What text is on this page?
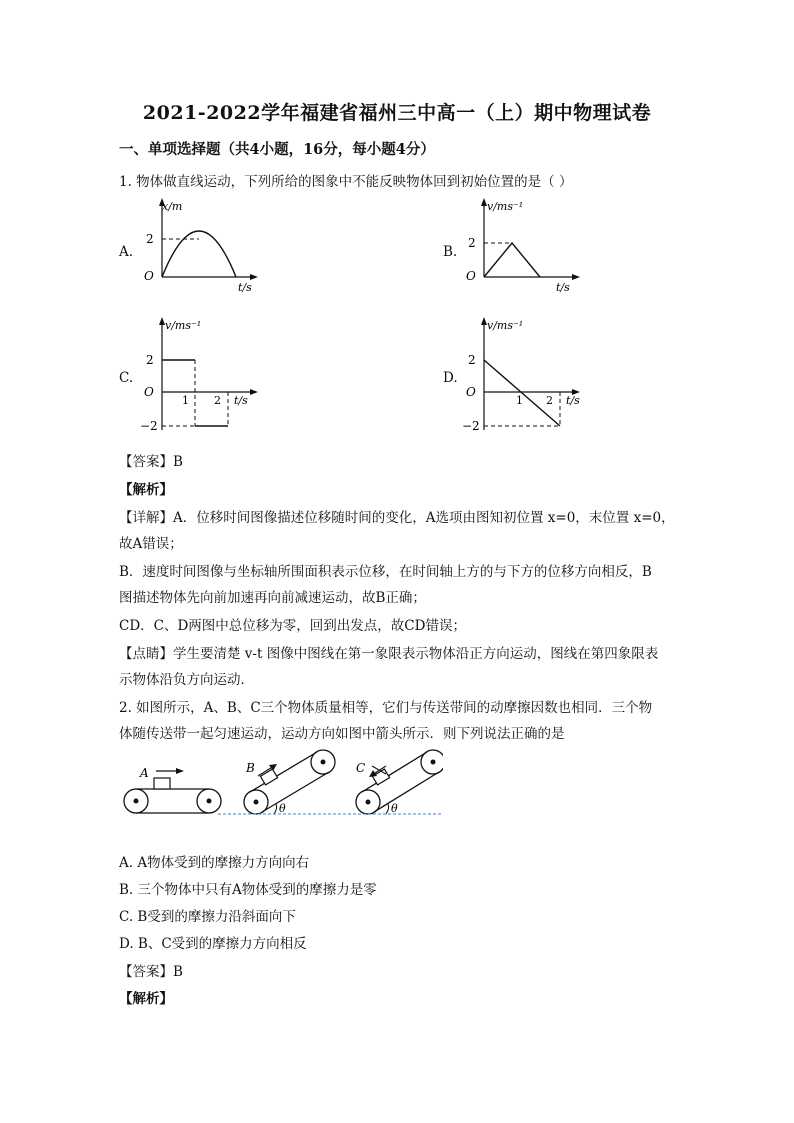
2021-2022学年福建省福州三中高一（上）期中物理试卷
一、单项选择题（共4小题，16分，每小题4分）
1. 物体做直线运动，下列所给的图象中不能反映物体回到初始位置的是（ ）
A.
x/m
t/s
O
2
B.
v/ms⁻¹
t/s
O
2
C.
v/ms⁻¹
t/s
O
2
−2
1 2
D.
v/ms⁻¹
t/s
O
2
−2
1 2
【答案】B
【解析】
【详解】A．位移时间图像描述位移随时间的变化，A选项由图知初位置 x=0，末位置 x=0，
故A错误；
B．速度时间图像与坐标轴所围面积表示位移，在时间轴上方的与下方的位移方向相反，B
图描述物体先向前加速再向前减速运动，故B正确；
CD．C、D两图中总位移为零，回到出发点，故CD错误；
【点睛】学生要清楚 v-t 图像中图线在第一象限表示物体沿正方向运动，图线在第四象限表
示物体沿负方向运动．
2. 如图所示，A、B、C三个物体质量相等，它们与传送带间的动摩擦因数也相同．三个物
体随传送带一起匀速运动，运动方向如图中箭头所示．则下列说法正确的是
A	B
θ
C
θ
A. A物体受到的摩擦力方向向右
B. 三个物体中只有A物体受到的摩擦力是零
C. B受到的摩擦力沿斜面向下
D. B、C受到的摩擦力方向相反
【答案】B
【解析】
